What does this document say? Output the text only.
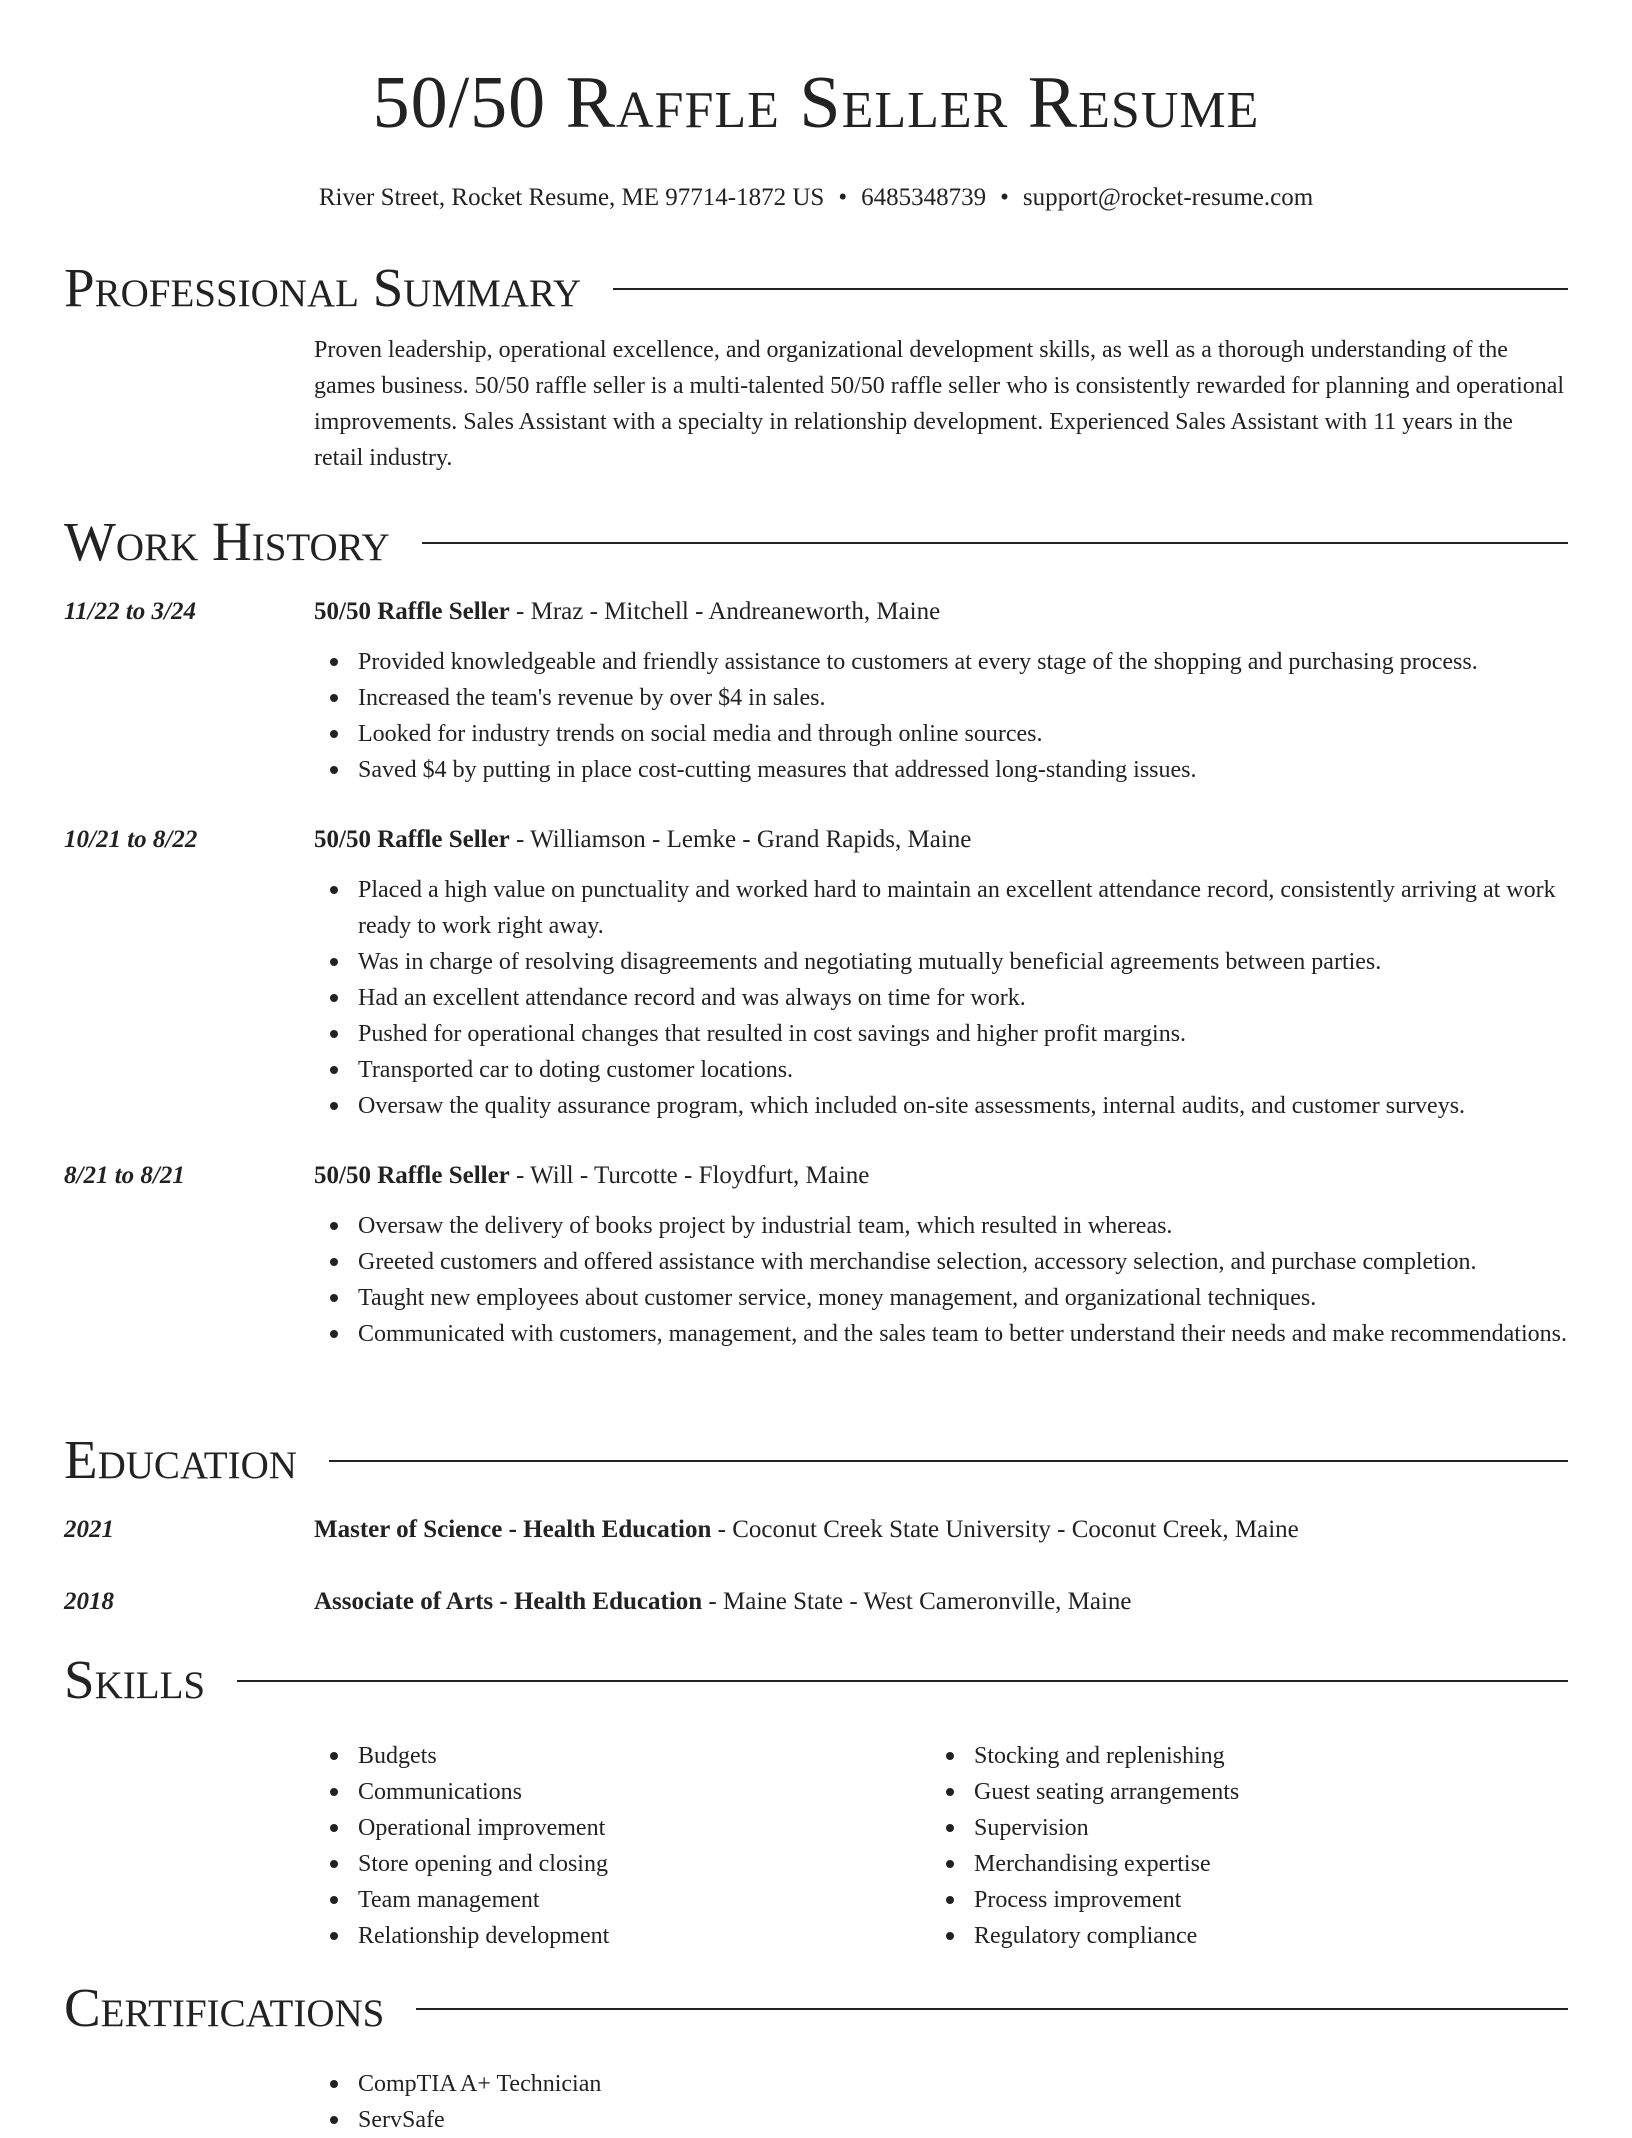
50/50 Raffle Seller Resume
River Street, Rocket Resume, ME 97714-1872 US • 6485348739 • support@rocket-resume.com
Professional Summary
Proven leadership, operational excellence, and organizational development skills, as well as a thorough understanding of the games business. 50/50 raffle seller is a multi-talented 50/50 raffle seller who is consistently rewarded for planning and operational improvements. Sales Assistant with a specialty in relationship development. Experienced Sales Assistant with 11 years in the retail industry.
Work History
11/22 to 3/24	50/50 Raffle Seller - Mraz - Mitchell - Andreaneworth, Maine
Provided knowledgeable and friendly assistance to customers at every stage of the shopping and purchasing process.
Increased the team's revenue by over $4 in sales.
Looked for industry trends on social media and through online sources.
Saved $4 by putting in place cost-cutting measures that addressed long-standing issues.
10/21 to 8/22	50/50 Raffle Seller - Williamson - Lemke - Grand Rapids, Maine
Placed a high value on punctuality and worked hard to maintain an excellent attendance record, consistently arriving at work ready to work right away.
Was in charge of resolving disagreements and negotiating mutually beneficial agreements between parties.
Had an excellent attendance record and was always on time for work.
Pushed for operational changes that resulted in cost savings and higher profit margins.
Transported car to doting customer locations.
Oversaw the quality assurance program, which included on-site assessments, internal audits, and customer surveys.
8/21 to 8/21	50/50 Raffle Seller - Will - Turcotte - Floydfurt, Maine
Oversaw the delivery of books project by industrial team, which resulted in whereas.
Greeted customers and offered assistance with merchandise selection, accessory selection, and purchase completion.
Taught new employees about customer service, money management, and organizational techniques.
Communicated with customers, management, and the sales team to better understand their needs and make recommendations.
Education
2021	Master of Science - Health Education - Coconut Creek State University - Coconut Creek, Maine
2018	Associate of Arts - Health Education - Maine State - West Cameronville, Maine
Skills
Budgets
Communications
Operational improvement
Store opening and closing
Team management
Relationship development
Stocking and replenishing
Guest seating arrangements
Supervision
Merchandising expertise
Process improvement
Regulatory compliance
Certifications
CompTIA A+ Technician
ServSafe
